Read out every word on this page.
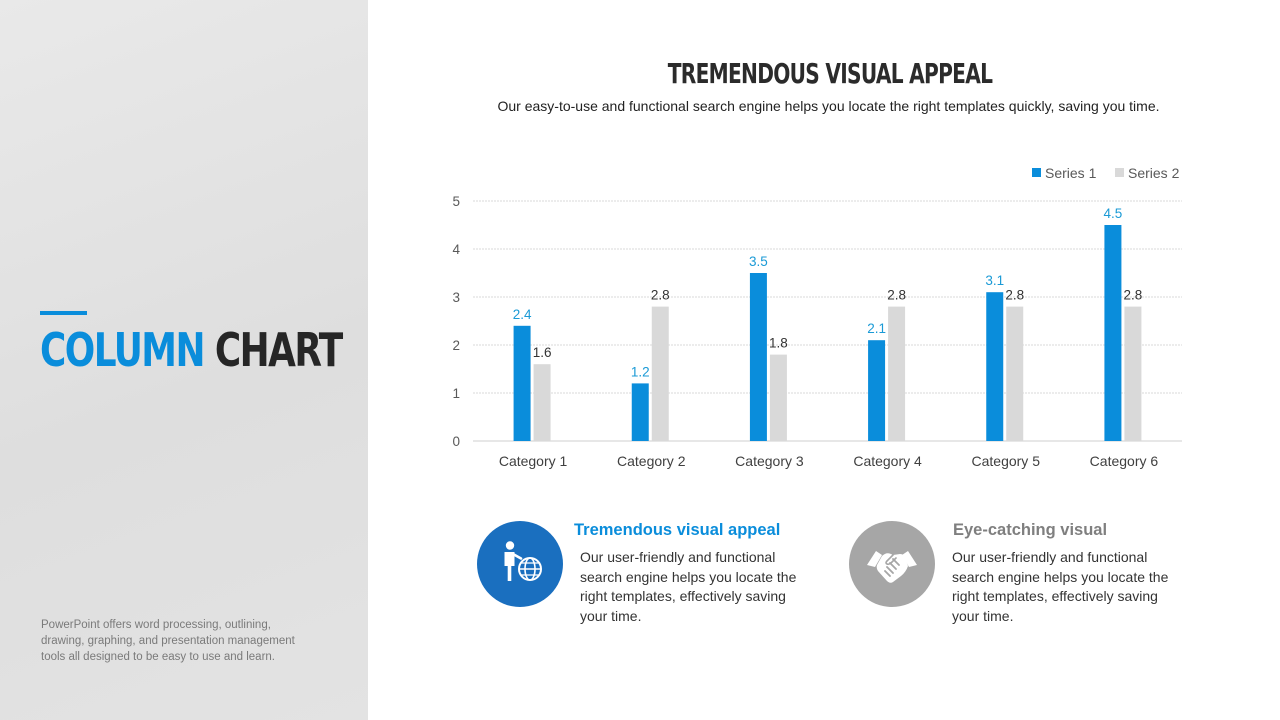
COLUMN CHART

PowerPoint offers word processing, outlining, drawing, graphing, and presentation management tools all designed to be easy to use and learn.

TREMENDOUS VISUAL APPEAL

Our easy-to-use and functional search engine helps you locate the right templates quickly, saving you time.

0
1
2
3
4
5
Category 1
2.4
1.6
Category 2
1.2
2.8
Category 3
3.5
1.8
Category 4
2.1
2.8
Category 5
3.1
2.8
Category 6
4.5
2.8
Series 1 Series 2

Tremendous visual appeal

Our user-friendly and functional search engine helps you locate the right templates, effectively saving your time.

Eye-catching visual

Our user-friendly and functional search engine helps you locate the right templates, effectively saving your time.
